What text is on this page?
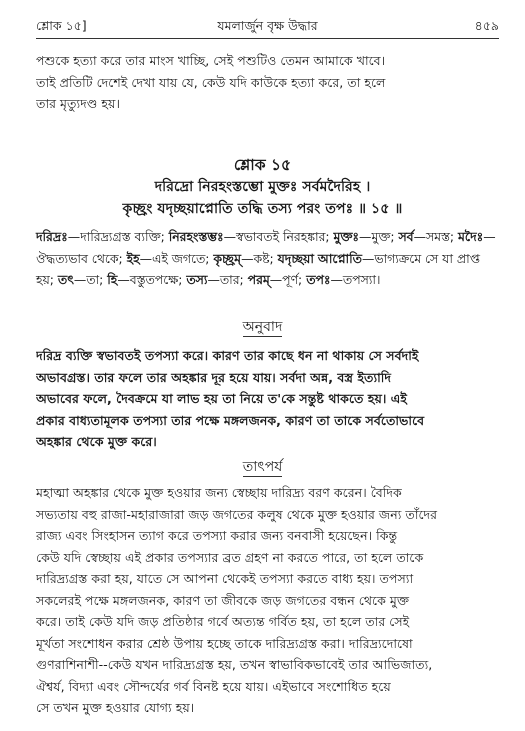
যমলার্জুন বৃক্ষ উদ্ধার
শ্লোক ১৫]	৪৫৯
পশুকে হত্যা করে তার মাংস খাচ্ছি, সেই পশুটিও তেমন আমাকে খাবে।
তাই প্রতিটি দেশেই দেখা যায় যে, কেউ যদি কাউকে হত্যা করে, তা হলে
তার মৃত্যুদণ্ড হয়।
শ্লোক ১৫
দরিদ্রো নিরহংস্তম্ভো মুক্তঃ সর্বমদৈরিহ ।
কৃচ্ছ্রং যদৃচ্ছয়াপ্নোতি তদ্ধি তস্য পরং তপঃ ॥ ১৫ ॥
দরিদ্রঃ—দারিদ্র্যগ্রস্ত ব্যক্তি; নিরহংস্তম্ভঃ—স্বভাবতই নিরহঙ্কার; মুক্তঃ—মুক্ত; সর্ব—সমস্ত; মদৈঃ—ঔদ্ধত্যভাব থেকে; ইহ—এই জগতে; কৃচ্ছ্রম্—কষ্ট; যদৃচ্ছয়া আপ্নোতি—ভাগ্যক্রমে সে যা প্রাপ্ত হয়; তৎ—তা; হি—বস্তুতপক্ষে; তস্য—তার; পরম্—পূর্ণ; তপঃ—তপস্যা।
অনুবাদ
দরিদ্র ব্যক্তি স্বভাবতই তপস্যা করে। কারণ তার কাছে ধন না থাকায় সে সর্বদাই
অভাবগ্রস্ত। তার ফলে তার অহঙ্কার দূর হয়ে যায়। সর্বদা অন্ন, বস্ত্র ইত্যাদি
অভাবের ফলে, দৈবক্রমে যা লাভ হয় তা নিয়ে ত'কে সন্তুষ্ট থাকতে হয়। এই
প্রকার বাধ্যতামূলক তপস্যা তার পক্ষে মঙ্গলজনক, কারণ তা তাকে সর্বতোভাবে
অহঙ্কার থেকে মুক্ত করে।
তাৎপর্য
মহাত্মা অহঙ্কার থেকে মুক্ত হওয়ার জন্য স্বেচ্ছায় দারিদ্র্য বরণ করেন। বৈদিক
সভ্যতায় বহু রাজা-মহারাজারা জড় জগতের কলুষ থেকে মুক্ত হওয়ার জন্য তাঁদের
রাজ্য এবং সিংহাসন ত্যাগ করে তপস্যা করার জন্য বনবাসী হয়েছেন। কিন্তু
কেউ যদি স্বেচ্ছায় এই প্রকার তপস্যার ব্রত গ্রহণ না করতে পারে, তা হলে তাকে
দারিদ্র্যগ্রস্ত করা হয়, যাতে সে আপনা থেকেই তপস্যা করতে বাধ্য হয়। তপস্যা
সকলেরই পক্ষে মঙ্গলজনক, কারণ তা জীবকে জড় জগতের বন্ধন থেকে মুক্ত
করে। তাই কেউ যদি জড় প্রতিষ্ঠার গর্বে অত্যন্ত গর্বিত হয়, তা হলে তার সেই
মূর্খতা সংশোধন করার শ্রেষ্ঠ উপায় হচ্ছে তাকে দারিদ্র্যগ্রস্ত করা। দারিদ্র্যদোষো
গুণরাশিনাশী--কেউ যখন দারিদ্র্যগ্রস্ত হয়, তখন স্বাভাবিকভাবেই তার আভিজাত্য,
ঐশ্বর্য, বিদ্যা এবং সৌন্দর্যের গর্ব বিনষ্ট হয়ে যায়। এইভাবে সংশোধিত হয়ে
সে তখন মুক্ত হওয়ার যোগ্য হয়।
